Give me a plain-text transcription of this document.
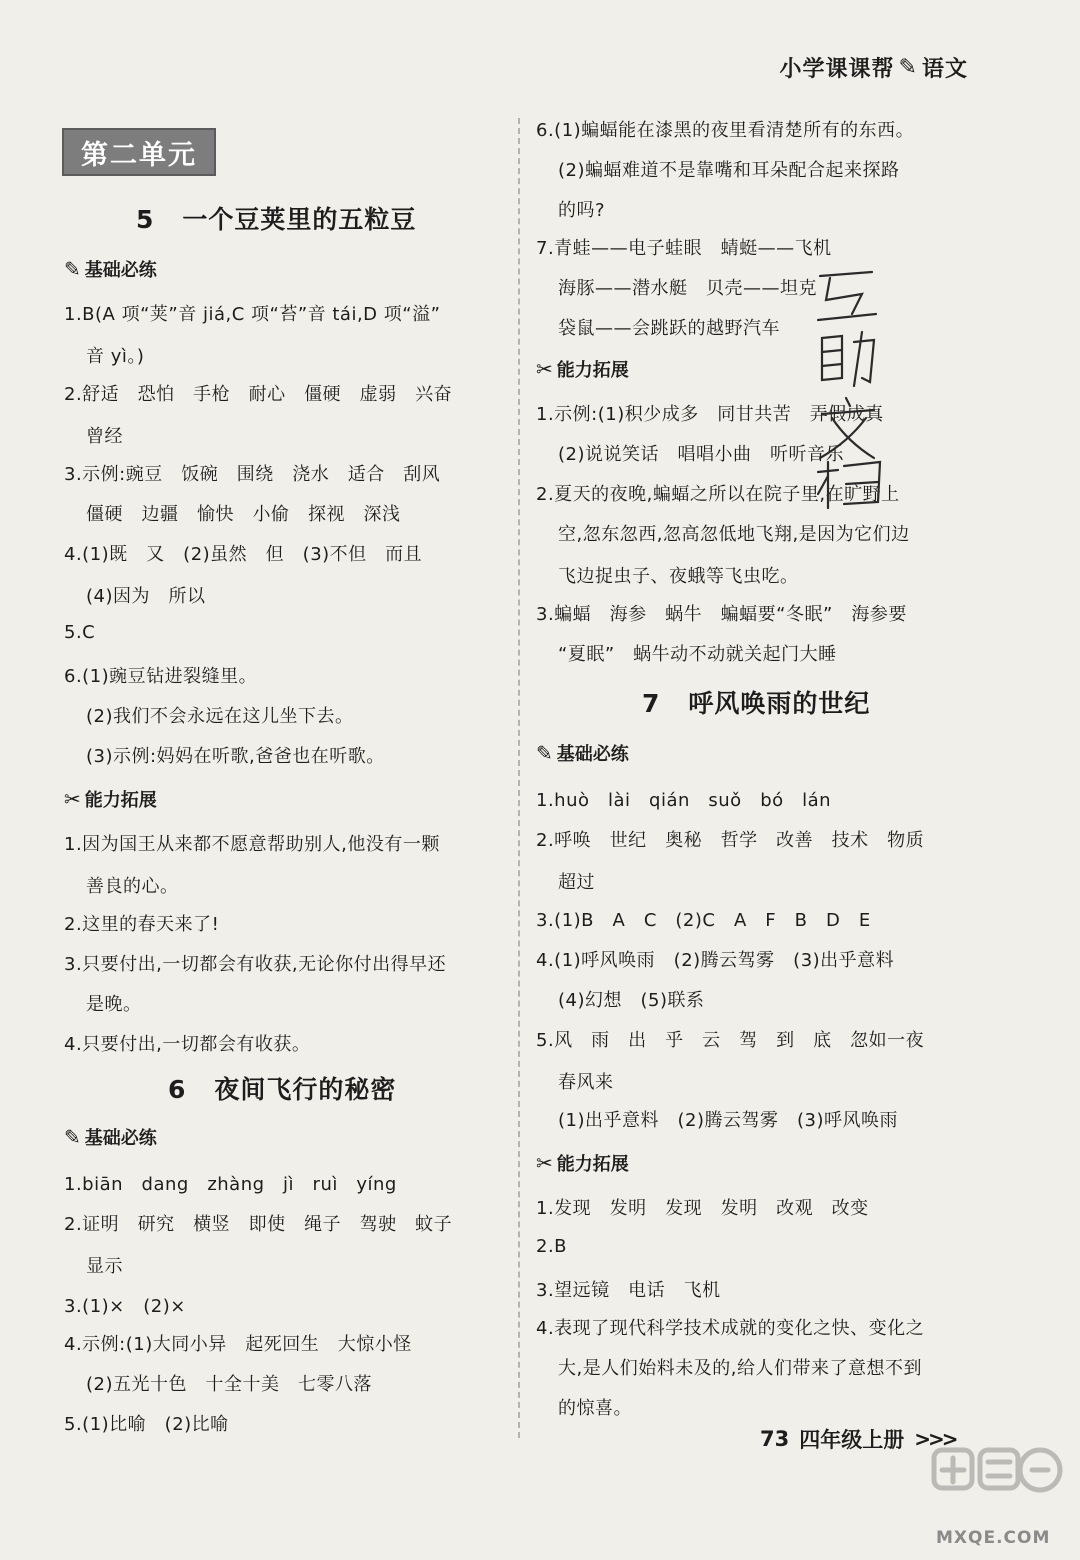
小学课课帮 ✎ 语文
第二单元
5 一个豆荚里的五粒豆
✎ 基础必练
1.B(A 项“荚”音 jiá,C 项“苔”音 tái,D 项“溢”
音 yì。)
2.舒适　恐怕　手枪　耐心　僵硬　虚弱　兴奋
曾经
3.示例:豌豆　饭碗　围绕　浇水　适合　刮风
僵硬　边疆　愉快　小偷　探视　深浅
4.(1)既　又　(2)虽然　但　(3)不但　而且
(4)因为　所以
5.C
6.(1)豌豆钻进裂缝里。
(2)我们不会永远在这儿坐下去。
(3)示例:妈妈在听歌,爸爸也在听歌。
✂ 能力拓展
1.因为国王从来都不愿意帮助别人,他没有一颗
善良的心。
2.这里的春天来了!
3.只要付出,一切都会有收获,无论你付出得早还
是晚。
4.只要付出,一切都会有收获。
6 夜间飞行的秘密
✎ 基础必练
1.biān　dang　zhàng　jì　ruì　yíng
2.证明　研究　横竖　即使　绳子　驾驶　蚊子
显示
3.(1)×　(2)×
4.示例:(1)大同小异　起死回生　大惊小怪
(2)五光十色　十全十美　七零八落
5.(1)比喻　(2)比喻
6.(1)蝙蝠能在漆黑的夜里看清楚所有的东西。
(2)蝙蝠难道不是靠嘴和耳朵配合起来探路
的吗?
7.青蛙——电子蛙眼　蜻蜓——飞机
海豚——潜水艇　贝壳——坦克
袋鼠——会跳跃的越野汽车
✂ 能力拓展
1.示例:(1)积少成多　同甘共苦　弄假成真
(2)说说笑话　唱唱小曲　听听音乐
2.夏天的夜晚,蝙蝠之所以在院子里,在旷野上
空,忽东忽西,忽高忽低地飞翔,是因为它们边
飞边捉虫子、夜蛾等飞虫吃。
3.蝙蝠　海参　蜗牛　蝙蝠要“冬眠”　海参要
“夏眠”　蜗牛动不动就关起门大睡
7 呼风唤雨的世纪
✎ 基础必练
1.huò　lài　qián　suǒ　bó　lán
2.呼唤　世纪　奥秘　哲学　改善　技术　物质
超过
3.(1)B　A　C　(2)C　A　F　B　D　E
4.(1)呼风唤雨　(2)腾云驾雾　(3)出乎意料
(4)幻想　(5)联系
5.风　雨　出　乎　云　驾　到　底　忽如一夜
春风来
(1)出乎意料　(2)腾云驾雾　(3)呼风唤雨
✂ 能力拓展
1.发现　发明　发现　发明　改观　改变
2.B
3.望远镜　电话　飞机
4.表现了现代科学技术成就的变化之快、变化之
大,是人们始料未及的,给人们带来了意想不到
的惊喜。
73 四年级上册 >>>
MXQE.COM
